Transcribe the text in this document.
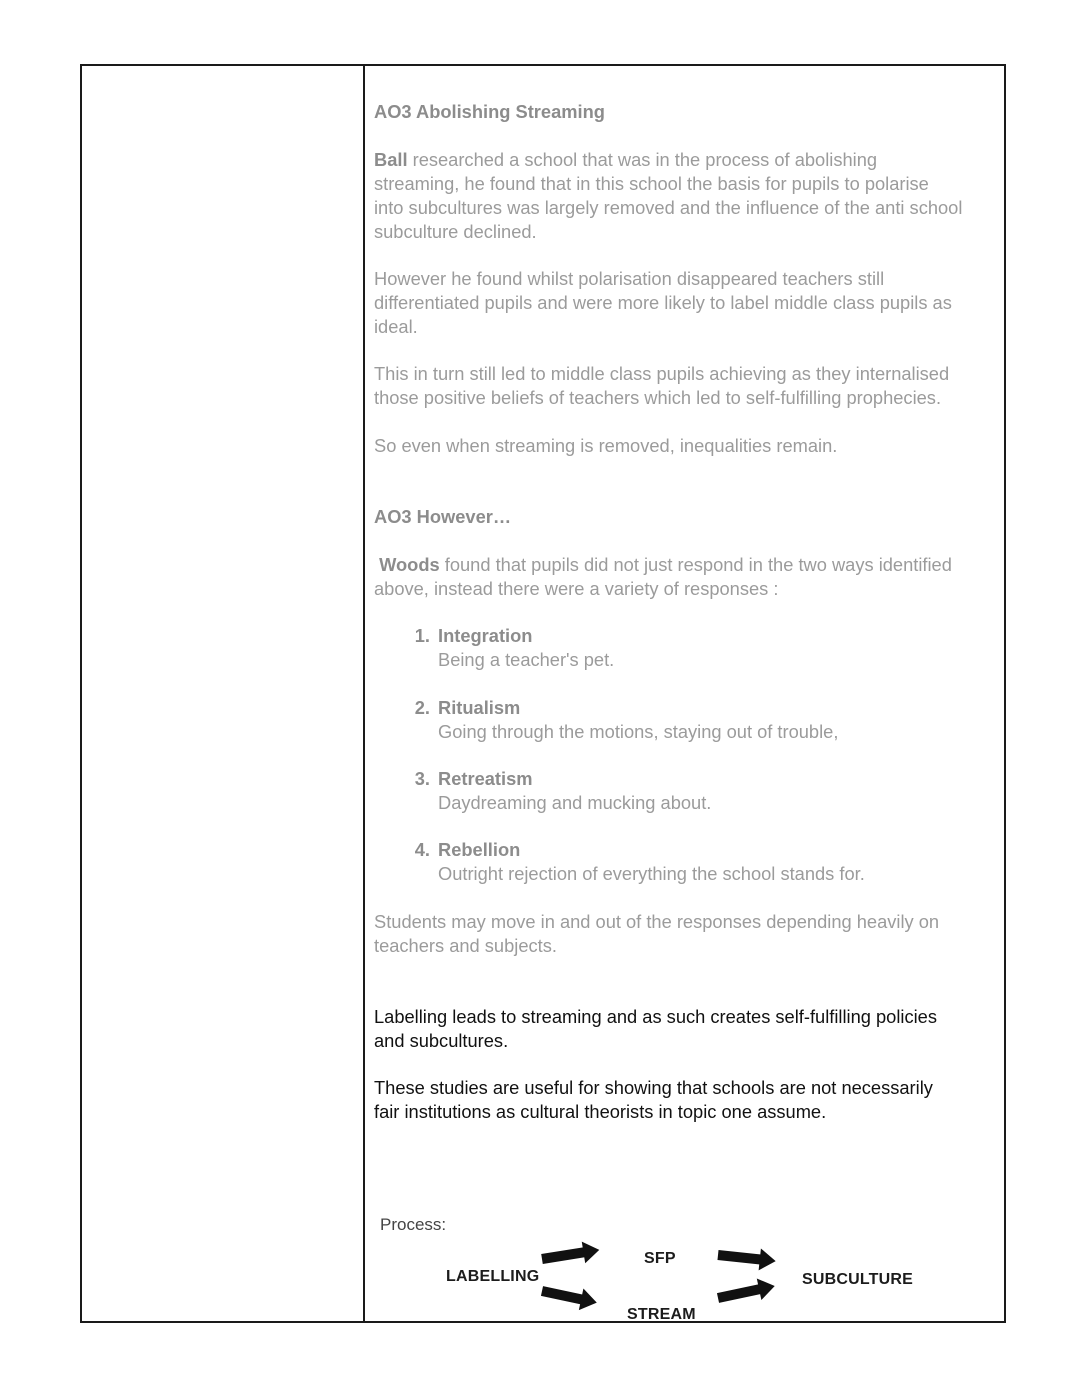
AO3 Abolishing Streaming

Ball researched a school that was in the process of abolishing

streaming, he found that in this school the basis for pupils to polarise

into subcultures was largely removed and the influence of the anti school

subculture declined.

However he found whilst polarisation disappeared teachers still

differentiated pupils and were more likely to label middle class pupils as

ideal.

This in turn still led to middle class pupils achieving as they internalised

those positive beliefs of teachers which led to self-fulfilling prophecies.

So even when streaming is removed, inequalities remain.

AO3 However…

Woods found that pupils did not just respond in the two ways identified

above, instead there were a variety of responses :

1. Integration
Being a teacher's pet.
2. Ritualism
Going through the motions, staying out of trouble,
3. Retreatism
Daydreaming and mucking about.
4. Rebellion
Outright rejection of everything the school stands for.

Students may move in and out of the responses depending heavily on

teachers and subjects.

Labelling leads to streaming and as such creates self-fulfilling policies

and subcultures.

These studies are useful for showing that schools are not necessarily

fair institutions as cultural theorists in topic one assume.

Process:
LABELLING
SFP
STREAM
SUBCULTURE
